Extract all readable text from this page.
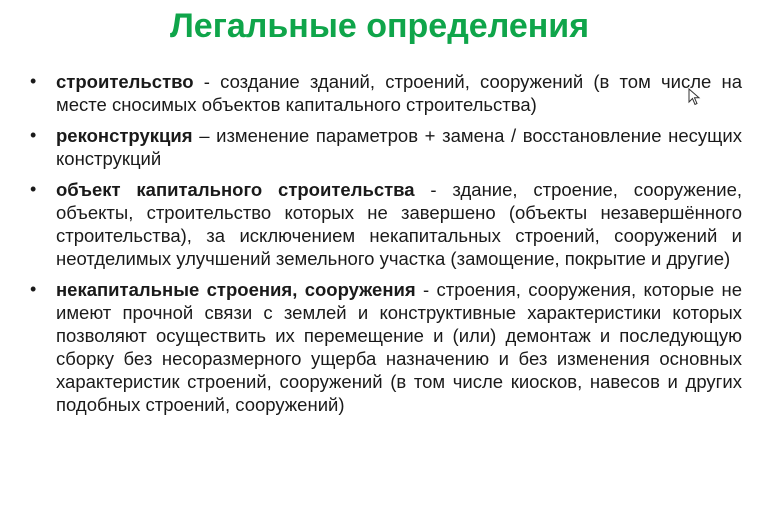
Легальные определения
• строительство - создание зданий, строений, сооружений (в том числе на месте сносимых объектов капитального строительства)
• реконструкция – изменение параметров + замена / восстановление несущих конструкций
• объект капитального строительства - здание, строение, сооружение, объекты, строительство которых не завершено (объекты незавершённого строительства), за исключением некапитальных строений, сооружений и неотделимых улучшений земельного участка (замощение, покрытие и другие)
• некапитальные строения, сооружения - строения, сооружения, которые не имеют прочной связи с землей и конструктивные характеристики которых позволяют осуществить их перемещение и (или) демонтаж и последующую сборку без несоразмерного ущерба назначению и без изменения основных характеристик строений, сооружений (в том числе киосков, навесов и других подобных строений, сооружений)
